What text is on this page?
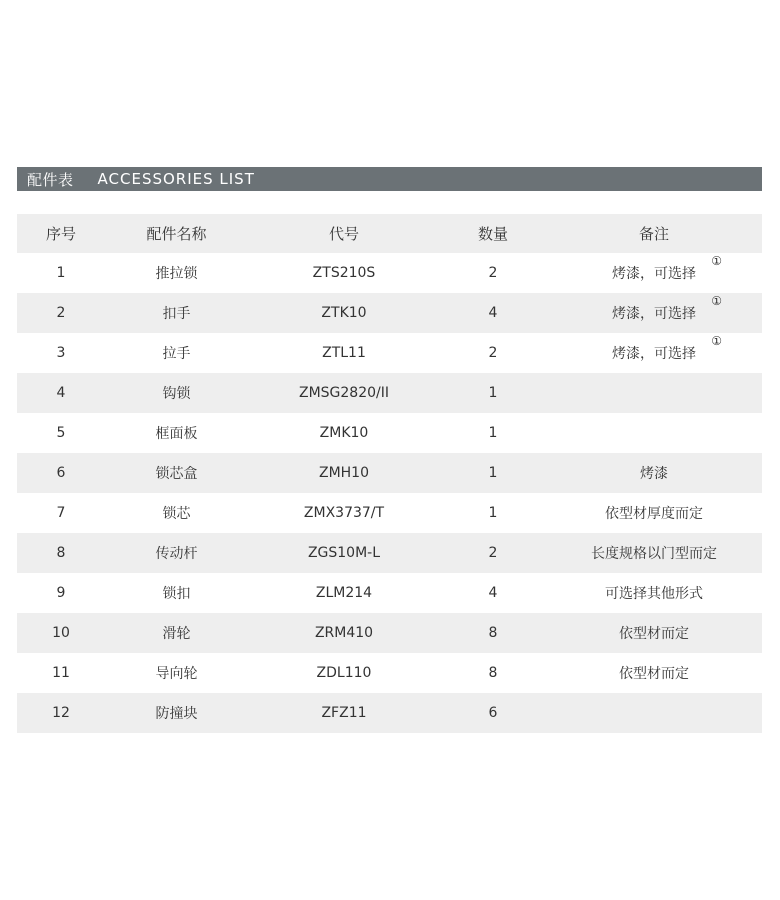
配件表 ACCESSORIES LIST
序号	配件名称	代号	数量	备注
1	推拉锁	ZTS210S	2	烤漆，可选择
①
2	扣手	ZTK10	4	烤漆，可选择
①
3	拉手	ZTL11	2	烤漆，可选择
①
4	钩锁	ZMSG2820/II	1
5	框面板	ZMK10	1
6	锁芯盒	ZMH10	1	烤漆
7	锁芯	ZMX3737/T	1	依型材厚度而定
8	传动杆	ZGS10M-L	2	长度规格以门型而定
9	锁扣	ZLM214	4	可选择其他形式
10	滑轮	ZRM410	8	依型材而定
11	导向轮	ZDL110	8	依型材而定
12	防撞块	ZFZ11	6
